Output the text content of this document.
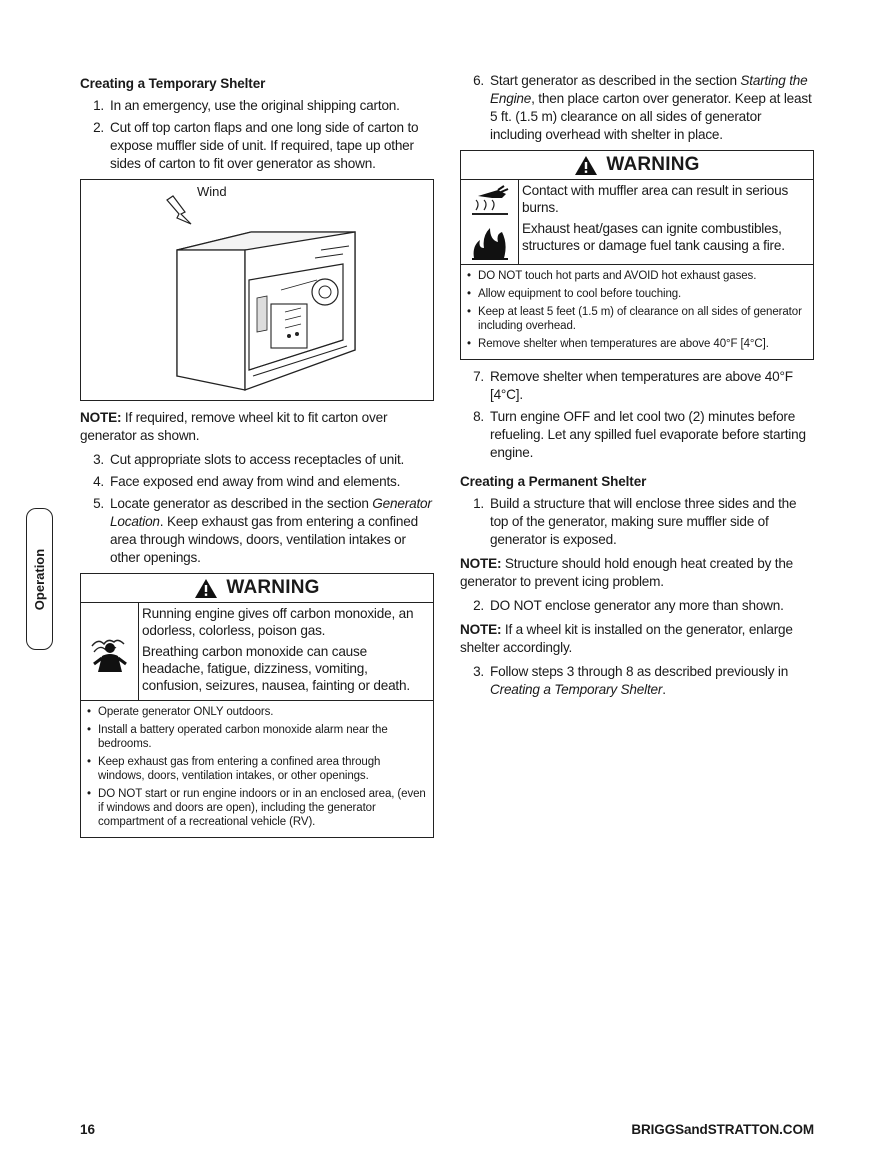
Operation
Creating a Temporary Shelter
1. In an emergency, use the original shipping carton.
2. Cut off top carton flaps and one long side of carton to expose muffler side of unit. If required, tape up other sides of carton to fit over generator as shown.
Wind

NOTE: If required, remove wheel kit to fit carton over generator as shown.

3. Cut appropriate slots to access receptacles of unit.
4. Face exposed end away from wind and elements.
5. Locate generator as described in the section Generator Location. Keep exhaust gas from entering a confined area through windows, doors, ventilation intakes or other openings.
WARNING

Running engine gives off carbon monoxide, an odorless, colorless, poison gas.

Breathing carbon monoxide can cause headache, fatigue, dizziness, vomiting, confusion, seizures, nausea, fainting or death.

• Operate generator ONLY outdoors.
• Install a battery operated carbon monoxide alarm near the bedrooms.
• Keep exhaust gas from entering a confined area through windows, doors, ventilation intakes, or other openings.
• DO NOT start or run engine indoors or in an enclosed area, (even if windows and doors are open), including the generator compartment of a recreational vehicle (RV).
6. Start generator as described in the section Starting the Engine, then place carton over generator. Keep at least 5 ft. (1.5 m) clearance on all sides of generator including overhead with shelter in place.
WARNING

Contact with muffler area can result in serious burns.

Exhaust heat/gases can ignite combustibles, structures or damage fuel tank causing a fire.

• DO NOT touch hot parts and AVOID hot exhaust gases.
• Allow equipment to cool before touching.
• Keep at least 5 feet (1.5 m) of clearance on all sides of generator including overhead.
• Remove shelter when temperatures are above 40°F [4°C].
7. Remove shelter when temperatures are above 40°F [4°C].
8. Turn engine OFF and let cool two (2) minutes before refueling. Let any spilled fuel evaporate before starting engine.
Creating a Permanent Shelter
1. Build a structure that will enclose three sides and the top of the generator, making sure muffler side of generator is exposed.

NOTE: Structure should hold enough heat created by the generator to prevent icing problem.

2. DO NOT enclose generator any more than shown.

NOTE: If a wheel kit is installed on the generator, enlarge shelter accordingly.

3. Follow steps 3 through 8 as described previously in Creating a Temporary Shelter.
16	BRIGGSandSTRATTON.COM
